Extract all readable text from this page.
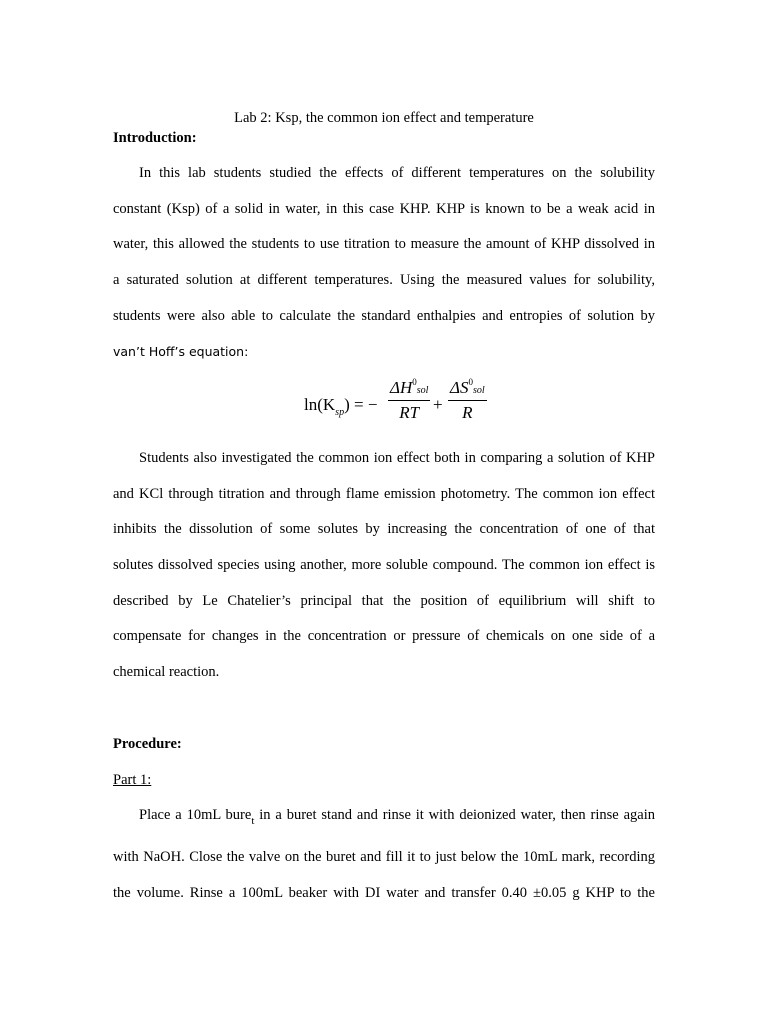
Lab 2: Ksp, the common ion effect and temperature
Introduction:
In this lab students studied the effects of different temperatures on the solubility
constant (Ksp) of a solid in water, in this case KHP. KHP is known to be a weak acid in
water, this allowed the students to use titration to measure the amount of KHP dissolved in
a saturated solution at different temperatures. Using the measured values for solubility,
students were also able to calculate the standard enthalpies and entropies of solution by
van’t Hoff’s equation:
$\ln(K_{sp})$ = −
$\Delta H^0sol$
RT +
$\Delta S^0sol$
R
Students also investigated the common ion effect both in comparing a solution of KHP
and KCl through titration and through flame emission photometry. The common ion effect
inhibits the dissolution of some solutes by increasing the concentration of one of that
solutes dissolved species using another, more soluble compound. The common ion effect is
described by Le Chatelier’s principal that the position of equilibrium will shift to
compensate for changes in the concentration or pressure of chemicals on one side of a
chemical reaction.
Procedure:
Part 1:
Place a 10mL bure$_t$ in a buret stand and rinse it with deionized water, then rinse again
with NaOH. Close the valve on the buret and fill it to just below the 10mL mark, recording
the volume. Rinse a 100mL beaker with DI water and transfer 0.40 ±0.05 g KHP to the
